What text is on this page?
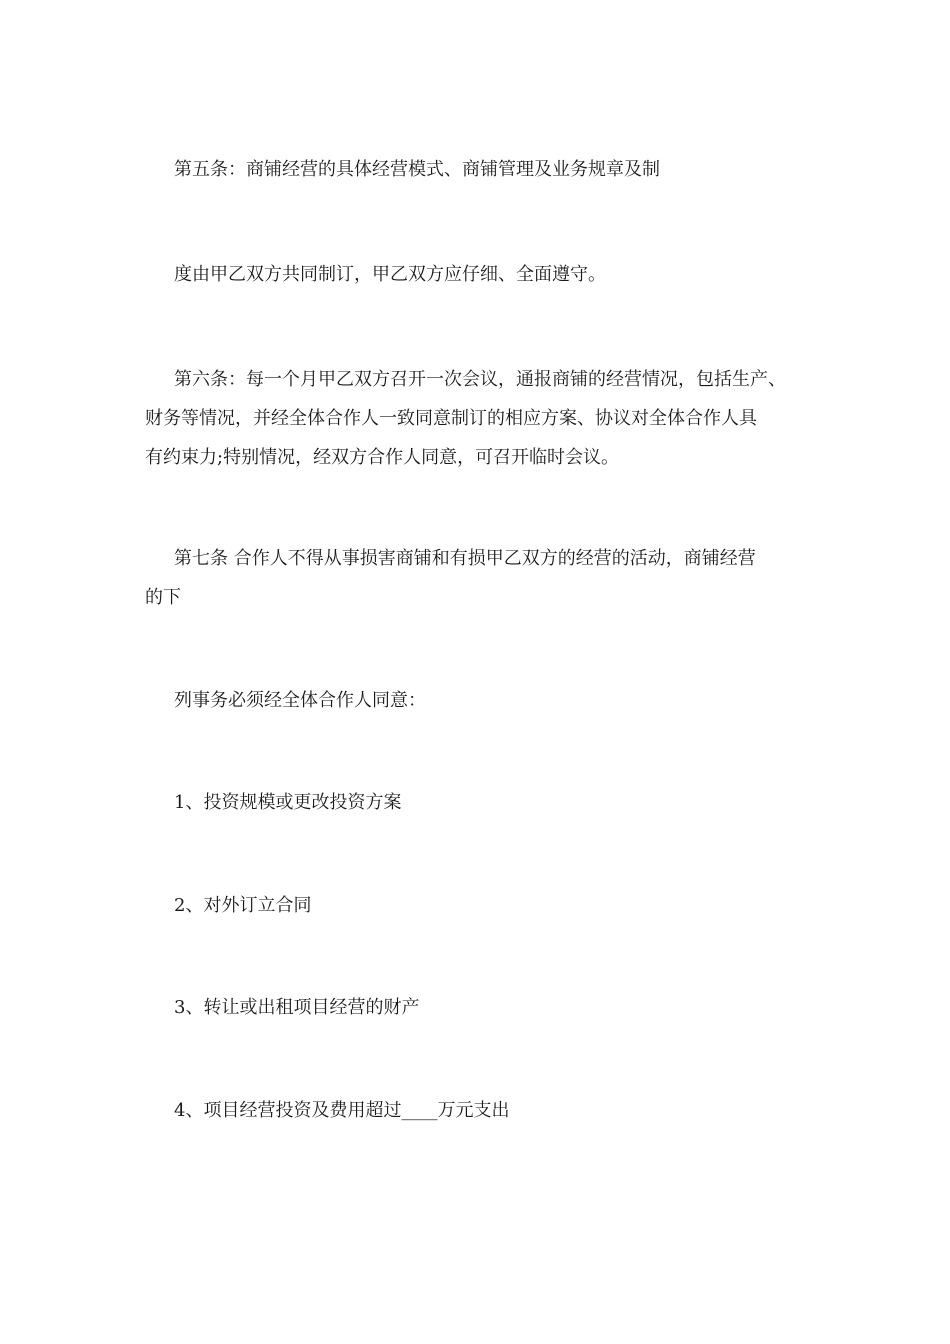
第五条：商铺经营的具体经营模式、商铺管理及业务规章及制

度由甲乙双方共同制订，甲乙双方应仔细、全面遵守。

第六条：每一个月甲乙双方召开一次会议，通报商铺的经营情况，包括生产、
财务等情况，并经全体合作人一致同意制订的相应方案、协议对全体合作人具
有约束力;特别情况，经双方合作人同意，可召开临时会议。
第七条 合作人不得从事损害商铺和有损甲乙双方的经营的活动，商铺经营
的下

列事务必须经全体合作人同意：

1、投资规模或更改投资方案

2、对外订立合同

3、转让或出租项目经营的财产

4、项目经营投资及费用超过____万元支出
